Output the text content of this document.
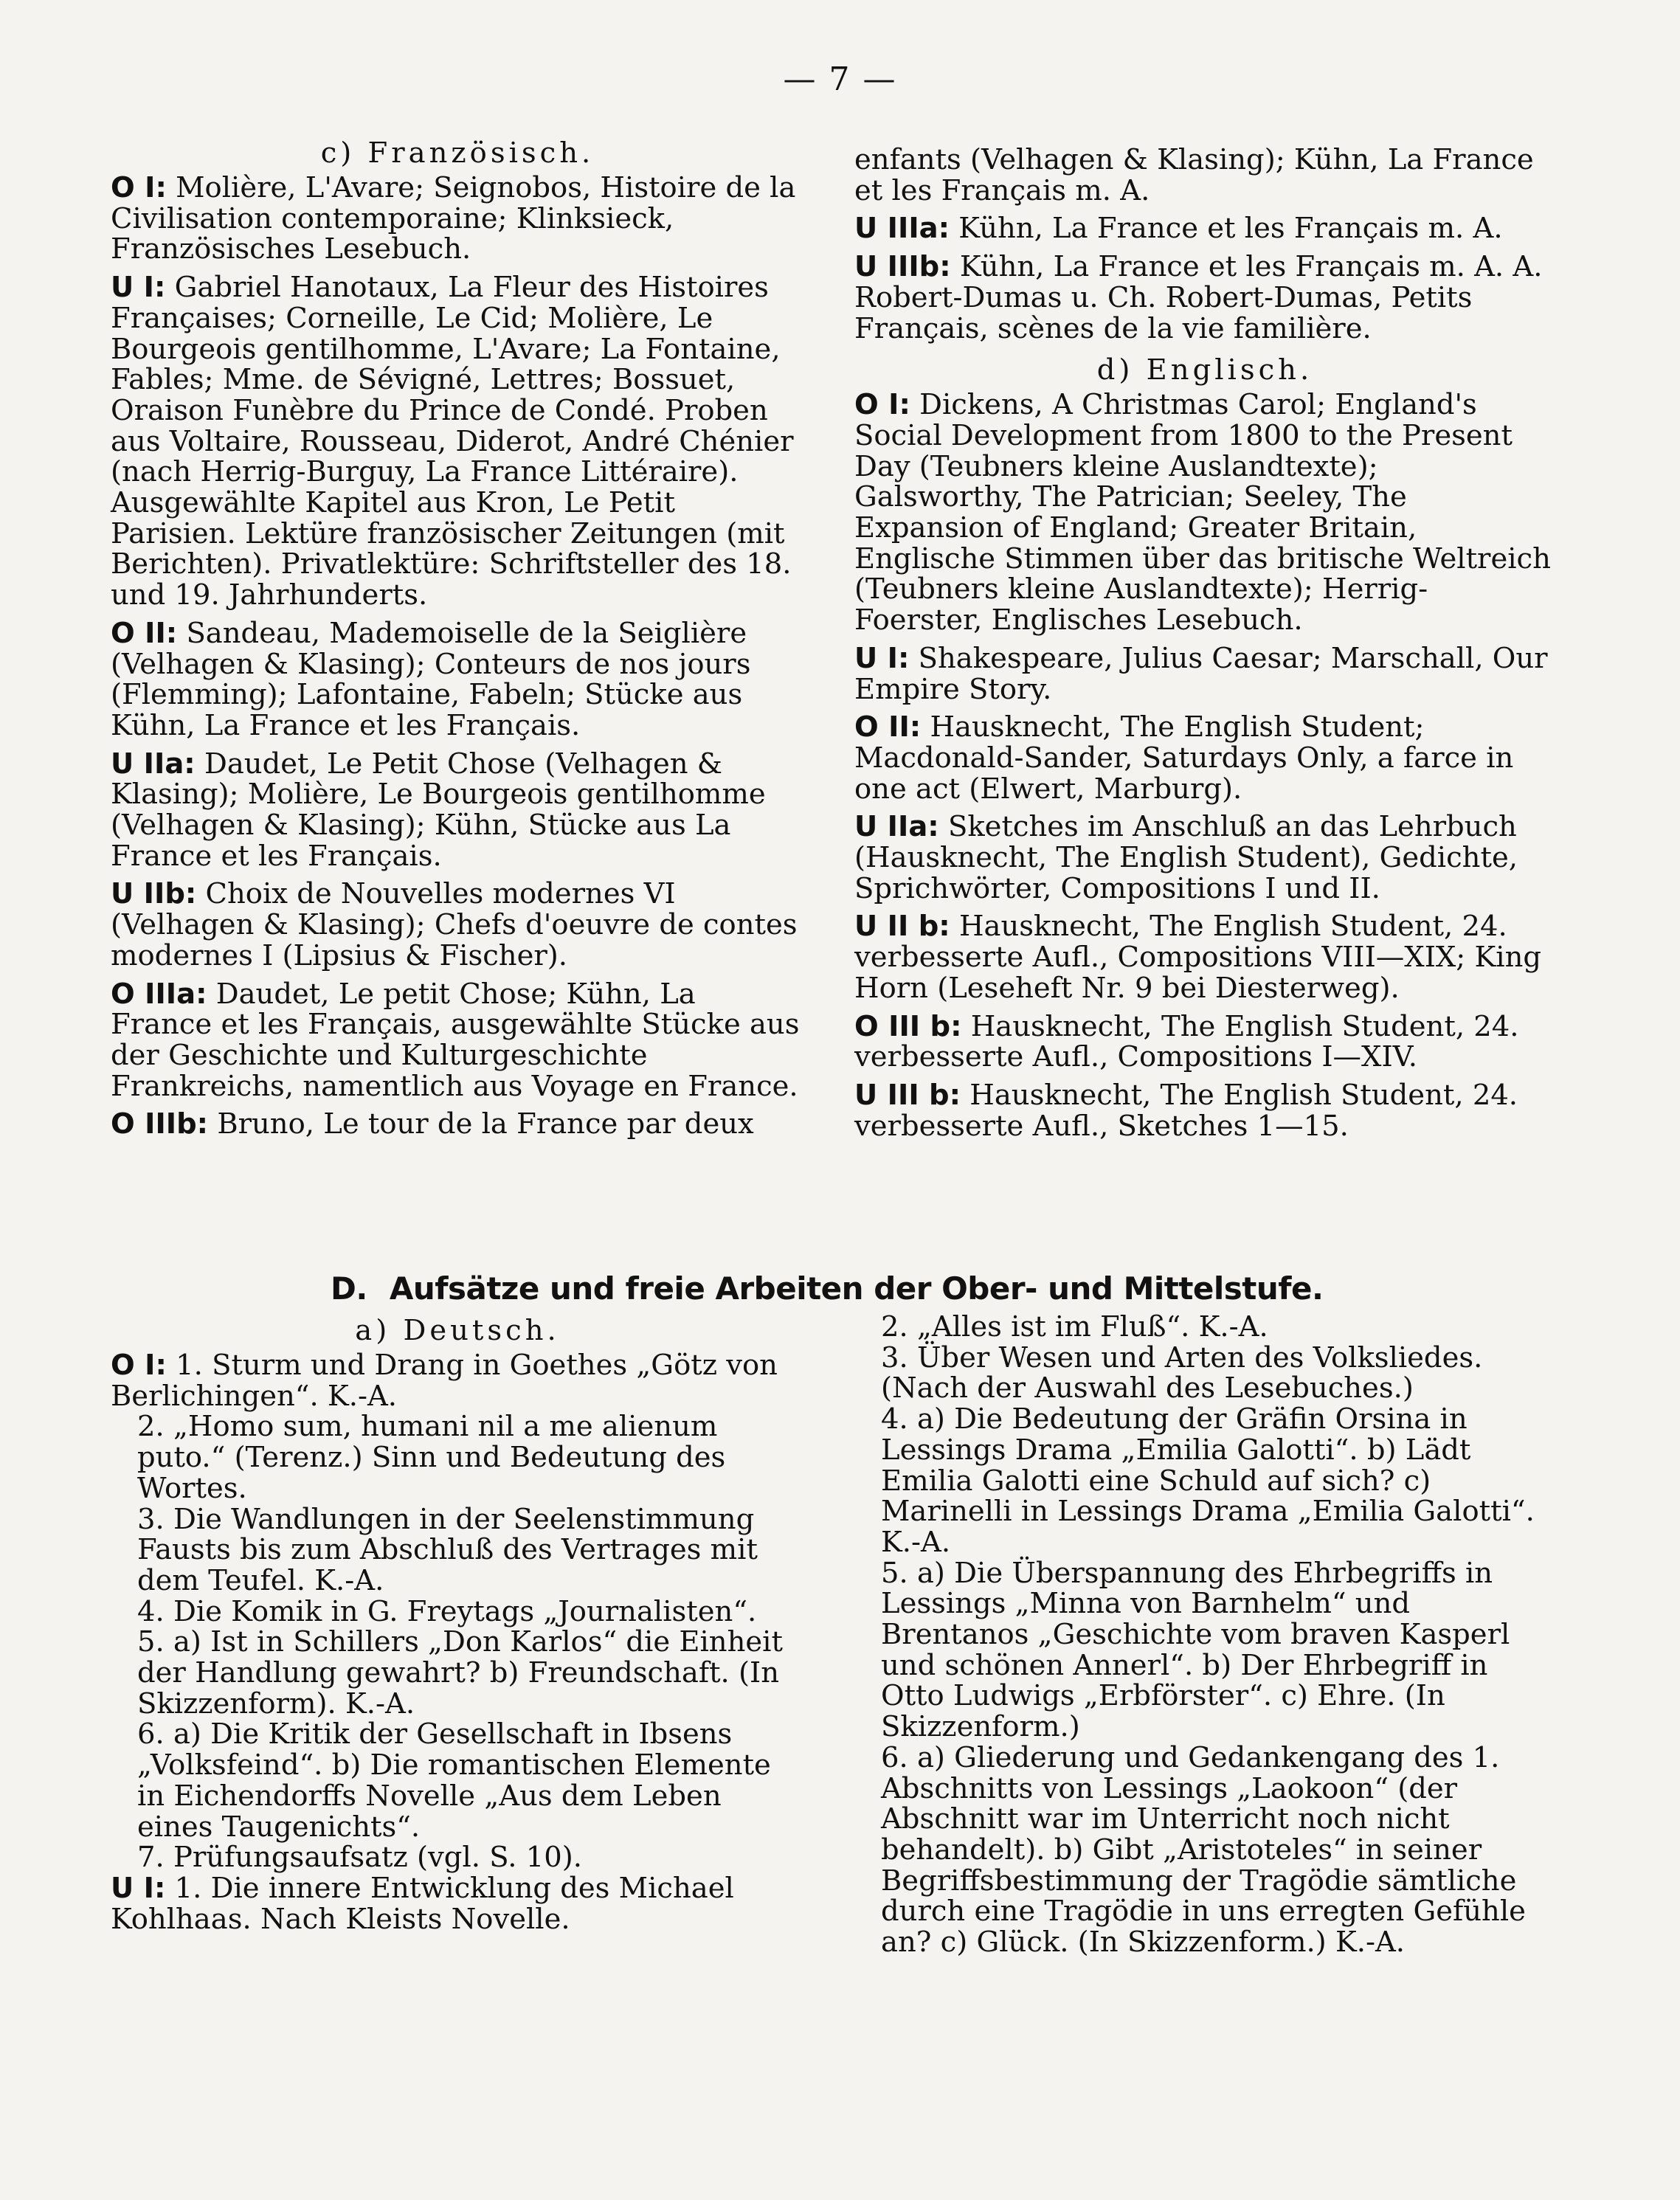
— 7 —
c) Französisch.
O I: Molière, L'Avare; Seignobos, Histoire de la Civilisation contemporaine; Klinksieck, Französisches Lesebuch.
U I: Gabriel Hanotaux, La Fleur des Histoires Françaises; Corneille, Le Cid; Molière, Le Bourgeois gentilhomme, L'Avare; La Fontaine, Fables; Mme. de Sévigné, Lettres; Bossuet, Oraison Funèbre du Prince de Condé. Proben aus Voltaire, Rousseau, Diderot, André Chénier (nach Herrig-Burguy, La France Littéraire). Ausgewählte Kapitel aus Kron, Le Petit Parisien. Lektüre französischer Zeitungen (mit Berichten). Privatlektüre: Schriftsteller des 18. und 19. Jahrhunderts.
O II: Sandeau, Mademoiselle de la Seiglière (Velhagen & Klasing); Conteurs de nos jours (Flemming); Lafontaine, Fabeln; Stücke aus Kühn, La France et les Français.
U IIa: Daudet, Le Petit Chose (Velhagen & Klasing); Molière, Le Bourgeois gentilhomme (Velhagen & Klasing); Kühn, Stücke aus La France et les Français.
U IIb: Choix de Nouvelles modernes VI (Velhagen & Klasing); Chefs d'oeuvre de contes modernes I (Lipsius & Fischer).
O IIIa: Daudet, Le petit Chose; Kühn, La France et les Français, ausgewählte Stücke aus der Geschichte und Kulturgeschichte Frankreichs, namentlich aus Voyage en France.
O IIIb: Bruno, Le tour de la France par deux
enfants (Velhagen & Klasing); Kühn, La France et les Français m. A.
U IIIa: Kühn, La France et les Français m. A.
U IIIb: Kühn, La France et les Français m. A. A. Robert-Dumas u. Ch. Robert-Dumas, Petits Français, scènes de la vie familière.
d) Englisch.
O I: Dickens, A Christmas Carol; England's Social Development from 1800 to the Present Day (Teubners kleine Auslandtexte); Galsworthy, The Patrician; Seeley, The Expansion of England; Greater Britain, Englische Stimmen über das britische Weltreich (Teubners kleine Auslandtexte); Herrig-Foerster, Englisches Lesebuch.
U I: Shakespeare, Julius Caesar; Marschall, Our Empire Story.
O II: Hausknecht, The English Student; Macdonald-Sander, Saturdays Only, a farce in one act (Elwert, Marburg).
U IIa: Sketches im Anschluß an das Lehrbuch (Hausknecht, The English Student), Gedichte, Sprichwörter, Compositions I und II.
U II b: Hausknecht, The English Student, 24. verbesserte Aufl., Compositions VIII—XIX; King Horn (Leseheft Nr. 9 bei Diesterweg).
O III b: Hausknecht, The English Student, 24. verbesserte Aufl., Compositions I—XIV.
U III b: Hausknecht, The English Student, 24. verbesserte Aufl., Sketches 1—15.
D. Aufsätze und freie Arbeiten der Ober- und Mittelstufe.
a) Deutsch.
O I: 1. Sturm und Drang in Goethes „Götz von Berlichingen“. K.-A.
2. „Homo sum, humani nil a me alienum puto.“ (Terenz.) Sinn und Bedeutung des Wortes.
3. Die Wandlungen in der Seelenstimmung Fausts bis zum Abschluß des Vertrages mit dem Teufel. K.-A.
4. Die Komik in G. Freytags „Journalisten“.
5. a) Ist in Schillers „Don Karlos“ die Einheit der Handlung gewahrt? b) Freundschaft. (In Skizzenform). K.-A.
6. a) Die Kritik der Gesellschaft in Ibsens „Volksfeind“. b) Die romantischen Elemente in Eichendorffs Novelle „Aus dem Leben eines Taugenichts“.
7. Prüfungsaufsatz (vgl. S. 10).
U I: 1. Die innere Entwicklung des Michael Kohlhaas. Nach Kleists Novelle.
2. „Alles ist im Fluß“. K.-A.
3. Über Wesen und Arten des Volksliedes. (Nach der Auswahl des Lesebuches.)
4. a) Die Bedeutung der Gräfin Orsina in Lessings Drama „Emilia Galotti“. b) Lädt Emilia Galotti eine Schuld auf sich? c) Marinelli in Lessings Drama „Emilia Galotti“. K.-A.
5. a) Die Überspannung des Ehrbegriffs in Lessings „Minna von Barnhelm“ und Brentanos „Geschichte vom braven Kasperl und schönen Annerl“. b) Der Ehrbegriff in Otto Ludwigs „Erbförster“. c) Ehre. (In Skizzenform.)
6. a) Gliederung und Gedankengang des 1. Abschnitts von Lessings „Laokoon“ (der Abschnitt war im Unterricht noch nicht behandelt). b) Gibt „Aristoteles“ in seiner Begriffsbestimmung der Tragödie sämtliche durch eine Tragödie in uns erregten Gefühle an? c) Glück. (In Skizzenform.) K.-A.
